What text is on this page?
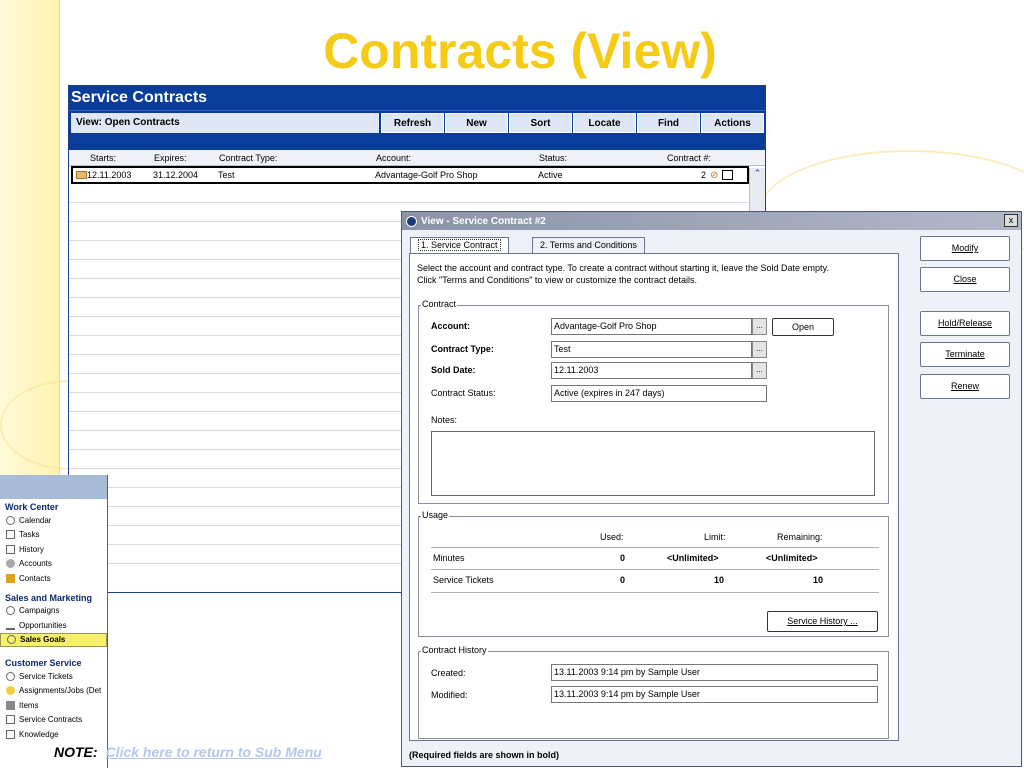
Contracts (View)
Service Contracts
View: Open Contracts	Refresh	New	Sort	Locate	Find	Actions
Starts:	Expires:	Contract Type:	Account:	Status:	Contract #:
12.11.2003	31.12.2004	Test	Advantage-Golf Pro Shop	Active	2 ⊘	⌃
Work Center
Calendar
Tasks
History
Accounts
Contacts
Sales and Marketing
Campaigns
Opportunities
Sales Goals
Customer Service
Service Tickets
Assignments/Jobs (Det
Items
Service Contracts
Knowledge
NOTE: Click here to return to Sub Menu
View - Service Contract #2	x
1. Service Contract	2. Terms and Conditions
Select the account and contract type. To create a contract without starting it, leave the Sold Date empty.
Click "Terms and Conditions" to view or customize the contract details.
Contract
Account:	Advantage-Golf Pro Shop	...	Open
Contract Type:	Test	...
Sold Date:	12.11.2003	...
Contract Status:	Active (expires in 247 days)
Notes:
Usage
Used:	Limit:	Remaining:
Minutes	0	<Unlimited>	<Unlimited>
Service Tickets	0	10	10
Service History ...
Contract History
Created:	13.11.2003 9:14 pm by Sample User
Modified:	13.11.2003 9:14 pm by Sample User
(Required fields are shown in bold)
Modify
Close
Hold/Release
Terminate
Renew
